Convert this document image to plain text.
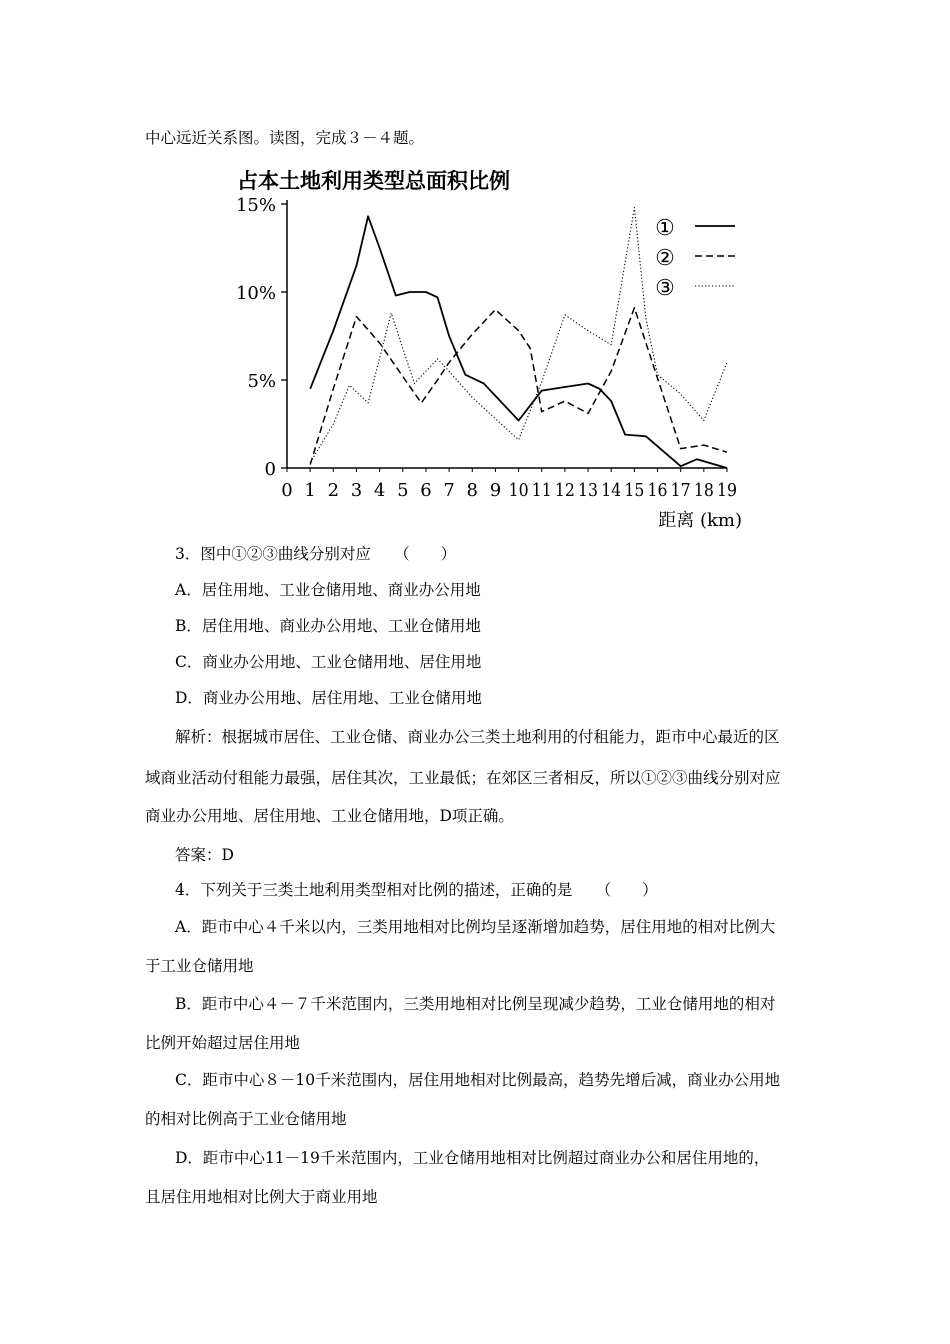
中心远近关系图。读图，完成３－４题。
占本土地利用类型总面积比例
0
5%
10%
15%
0 1 2 3 4 5 6 7 8 9 10 11 12 13 14 15 16 17 18 19
①
②
③
距离 (km)
3．图中①②③曲线分别对应　　（　　）
A．居住用地、工业仓储用地、商业办公用地
B．居住用地、商业办公用地、工业仓储用地
C．商业办公用地、工业仓储用地、居住用地
D．商业办公用地、居住用地、工业仓储用地
解析：根据城市居住、工业仓储、商业办公三类土地利用的付租能力，距市中心最近的区
域商业活动付租能力最强，居住其次，工业最低；在郊区三者相反，所以①②③曲线分别对应
商业办公用地、居住用地、工业仓储用地，D项正确。
答案：D
4．下列关于三类土地利用类型相对比例的描述，正确的是　　（　　）
A．距市中心４千米以内，三类用地相对比例均呈逐渐增加趋势，居住用地的相对比例大
于工业仓储用地
B．距市中心４－７千米范围内，三类用地相对比例呈现减少趋势，工业仓储用地的相对
比例开始超过居住用地
C．距市中心８－10千米范围内，居住用地相对比例最高，趋势先增后减，商业办公用地
的相对比例高于工业仓储用地
D．距市中心11－19千米范围内，工业仓储用地相对比例超过商业办公和居住用地的，
且居住用地相对比例大于商业用地
